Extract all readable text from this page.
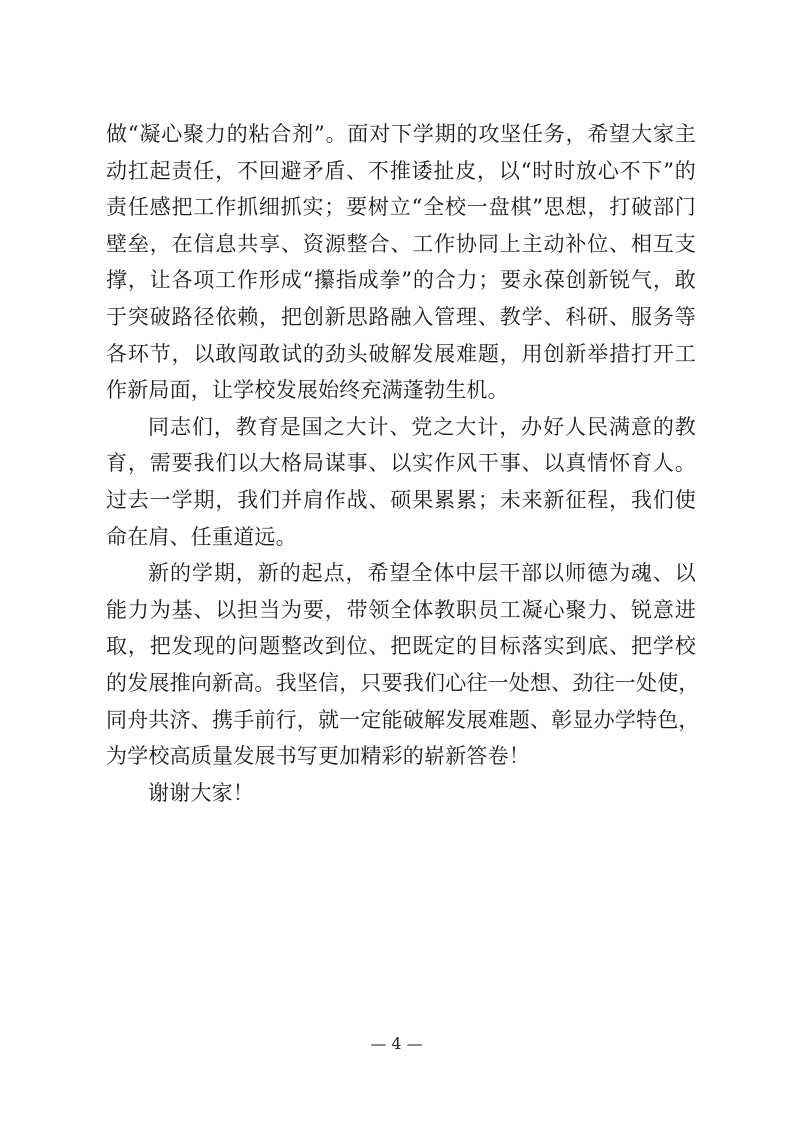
做“凝心聚力的粘合剂”。面对下学期的攻坚任务，希望大家主
动扛起责任，不回避矛盾、不推诿扯皮，以“时时放心不下”的
责任感把工作抓细抓实；要树立“全校一盘棋”思想，打破部门
壁垒，在信息共享、资源整合、工作协同上主动补位、相互支
撑，让各项工作形成“攥指成拳”的合力；要永葆创新锐气，敢
于突破路径依赖，把创新思路融入管理、教学、科研、服务等
各环节，以敢闯敢试的劲头破解发展难题，用创新举措打开工
作新局面，让学校发展始终充满蓬勃生机。
同志们，教育是国之大计、党之大计，办好人民满意的教
育，需要我们以大格局谋事、以实作风干事、以真情怀育人。
过去一学期，我们并肩作战、硕果累累；未来新征程，我们使
命在肩、任重道远。
新的学期，新的起点，希望全体中层干部以师德为魂、以
能力为基、以担当为要，带领全体教职员工凝心聚力、锐意进
取，把发现的问题整改到位、把既定的目标落实到底、把学校
的发展推向新高。我坚信，只要我们心往一处想、劲往一处使，
同舟共济、携手前行，就一定能破解发展难题、彰显办学特色，
为学校高质量发展书写更加精彩的崭新答卷！
谢谢大家！
— 4 —
